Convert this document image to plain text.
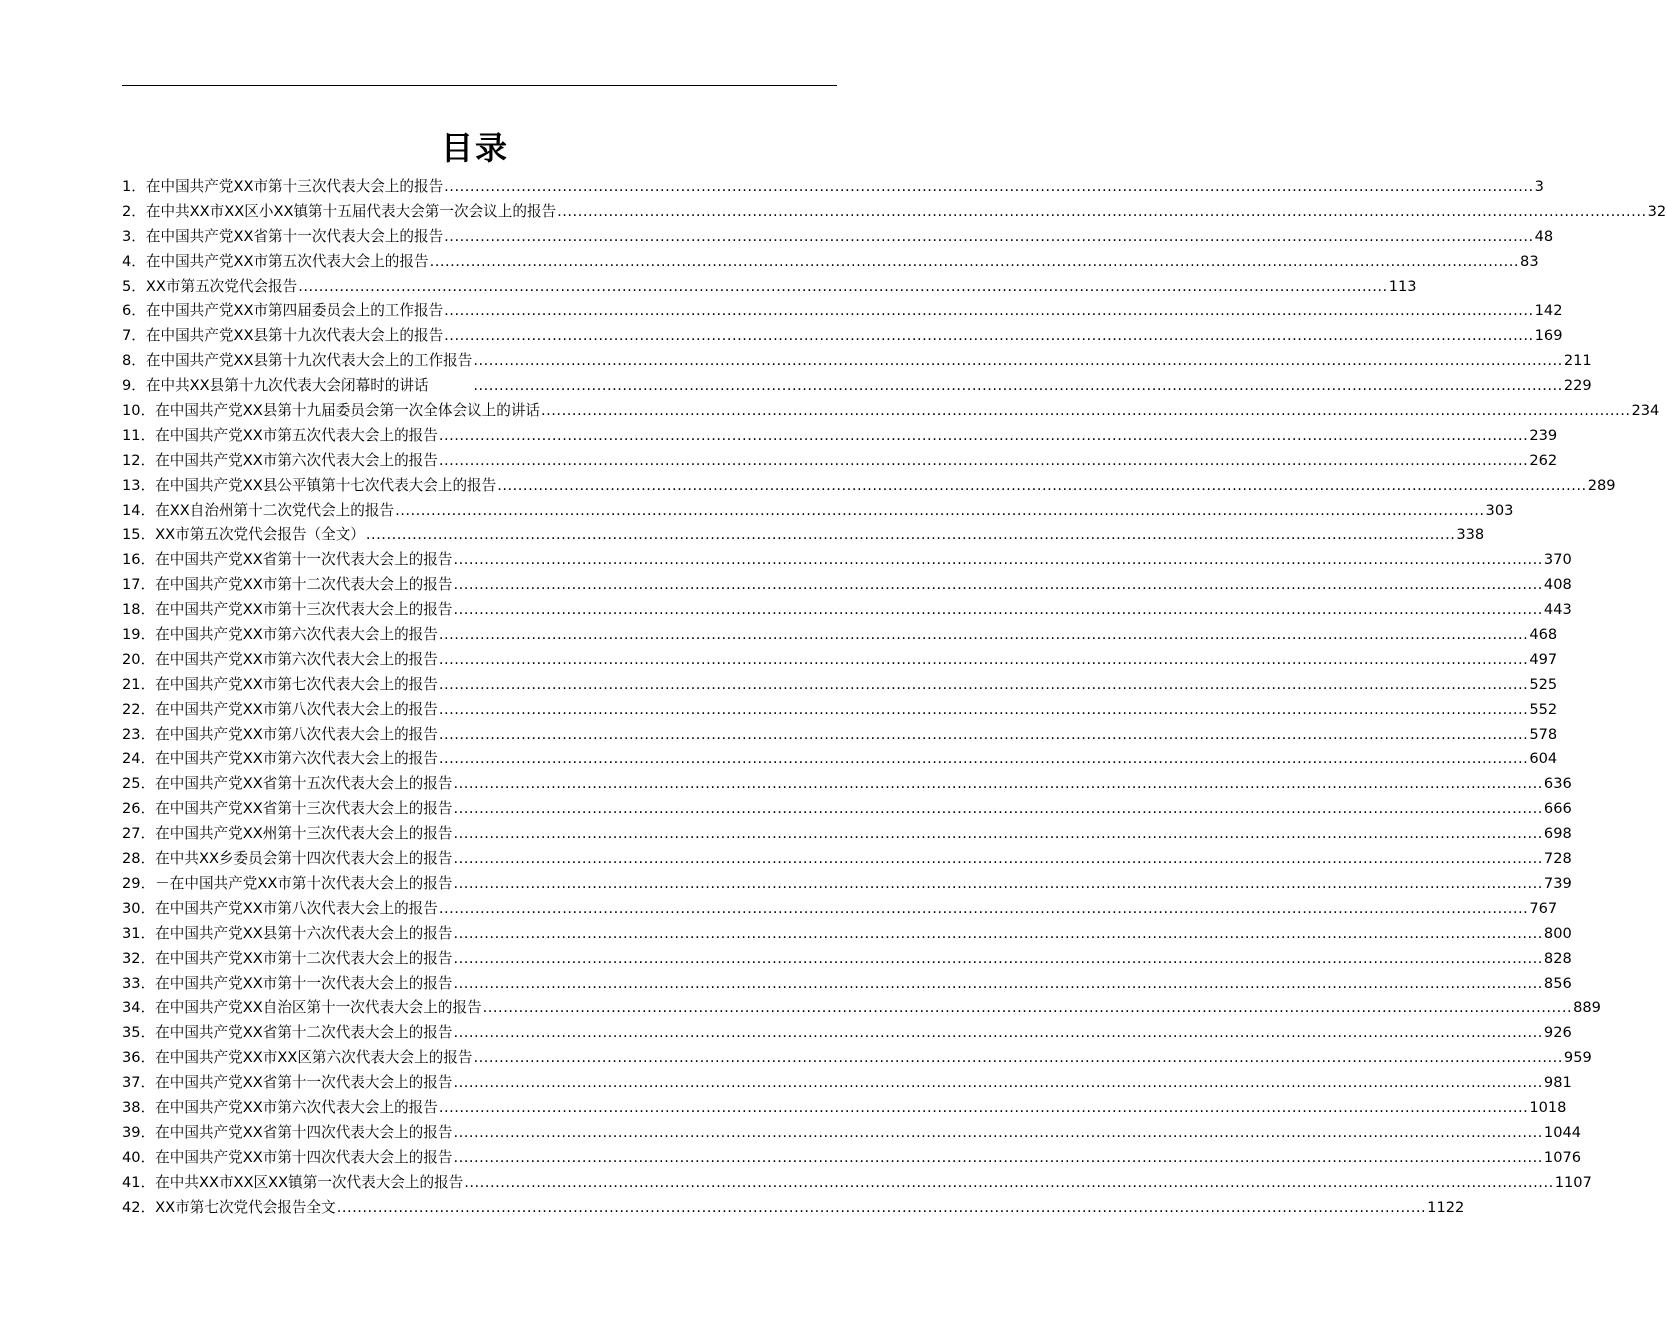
目录
1． 在中国共产党XX市第十三次代表大会上的报告 .....	3
2． 在中共XX市XX区小XX镇第十五届代表大会第一次会议上的报告 .....	32
3． 在中国共产党XX省第十一次代表大会上的报告 .....	48
4． 在中国共产党XX市第五次代表大会上的报告 .....	83
5． XX市第五次党代会报告 .....	113
6． 在中国共产党XX市第四届委员会上的工作报告 .....	142
7． 在中国共产党XX县第十九次代表大会上的报告 .....	169
8． 在中国共产党XX县第十九次代表大会上的工作报告 .....	211
9． 在中共XX县第十九次代表大会闭幕时的讲话　　　 .....	229
10． 在中国共产党XX县第十九届委员会第一次全体会议上的讲话 .....	234
11． 在中国共产党XX市第五次代表大会上的报告 .....	239
12． 在中国共产党XX市第六次代表大会上的报告 .....	262
13． 在中国共产党XX县公平镇第十七次代表大会上的报告 .....	289
14． 在XX自治州第十二次党代会上的报告 .....	303
15． XX市第五次党代会报告（全文） .....	338
16． 在中国共产党XX省第十一次代表大会上的报告 .....	370
17． 在中国共产党XX市第十二次代表大会上的报告 .....	408
18． 在中国共产党XX市第十三次代表大会上的报告 .....	443
19． 在中国共产党XX市第六次代表大会上的报告 .....	468
20． 在中国共产党XX市第六次代表大会上的报告 .....	497
21． 在中国共产党XX市第七次代表大会上的报告 .....	525
22． 在中国共产党XX市第八次代表大会上的报告 .....	552
23． 在中国共产党XX市第八次代表大会上的报告 .....	578
24． 在中国共产党XX市第六次代表大会上的报告 .....	604
25． 在中国共产党XX省第十五次代表大会上的报告 .....	636
26． 在中国共产党XX省第十三次代表大会上的报告 .....	666
27． 在中国共产党XX州第十三次代表大会上的报告 .....	698
28． 在中共XX乡委员会第十四次代表大会上的报告 .....	728
29． －在中国共产党XX市第十次代表大会上的报告 .....	739
30． 在中国共产党XX市第八次代表大会上的报告 .....	767
31． 在中国共产党XX县第十六次代表大会上的报告 .....	800
32． 在中国共产党XX市第十二次代表大会上的报告 .....	828
33． 在中国共产党XX市第十一次代表大会上的报告 .....	856
34． 在中国共产党XX自治区第十一次代表大会上的报告 .....	889
35． 在中国共产党XX省第十二次代表大会上的报告 .....	926
36． 在中国共产党XX市XX区第六次代表大会上的报告 .....	959
37． 在中国共产党XX省第十一次代表大会上的报告 .....	981
38． 在中国共产党XX市第六次代表大会上的报告 .....	1018
39． 在中国共产党XX省第十四次代表大会上的报告 .....	1044
40． 在中国共产党XX市第十四次代表大会上的报告 .....	1076
41． 在中共XX市XX区XX镇第一次代表大会上的报告 .....	1107
42． XX市第七次党代会报告全文 .....	1122
